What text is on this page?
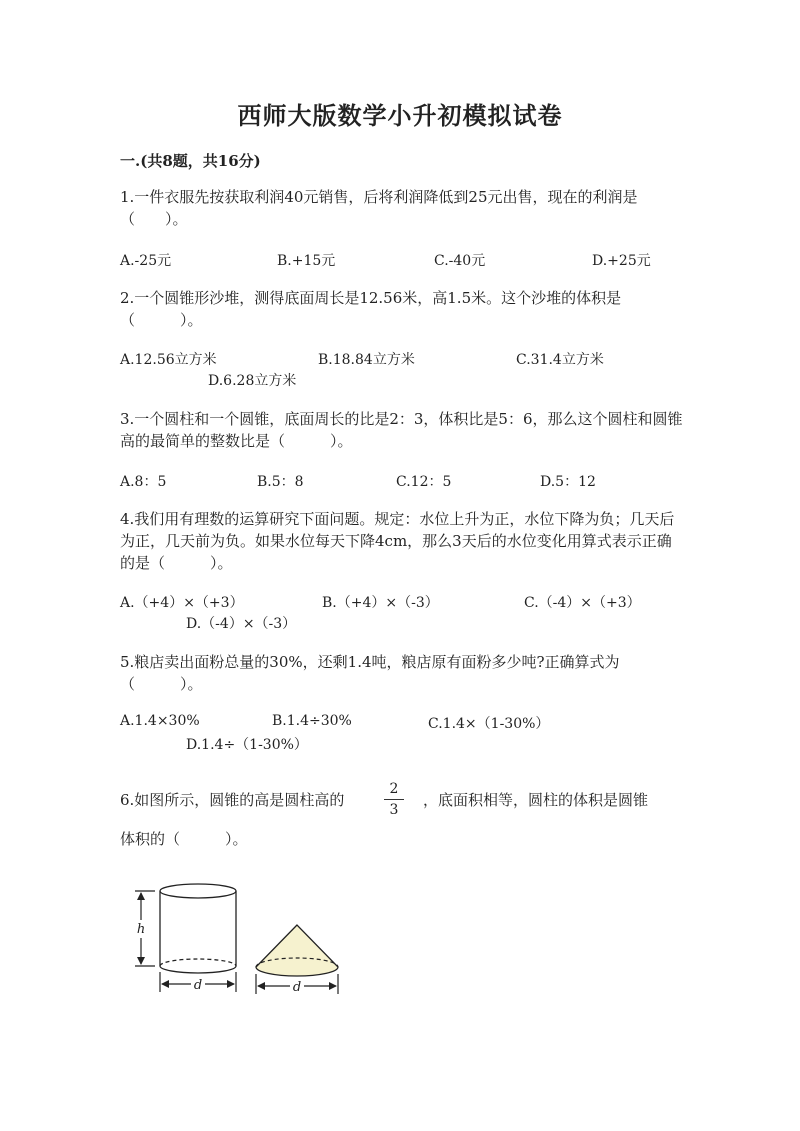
西师大版数学小升初模拟试卷
一.(共8题，共16分)
1.一件衣服先按获取利润40元销售，后将利润降低到25元出售，现在的利润是（　　）。
A.-25元	B.+15元	C.-40元	D.+25元
2.一个圆锥形沙堆，测得底面周长是12.56米，高1.5米。这个沙堆的体积是（　　　）。
A.12.56立方米	B.18.84立方米	C.31.4立方米
D.6.28立方米
3.一个圆柱和一个圆锥，底面周长的比是2：3，体积比是5：6，那么这个圆柱和圆锥高的最简单的整数比是（　　　）。
A.8：5	B.5：8	C.12：5	D.5：12
4.我们用有理数的运算研究下面问题。规定：水位上升为正，水位下降为负；几天后为正，几天前为负。如果水位每天下降4cm，那么3天后的水位变化用算式表示正确的是（　　　）。
A.（+4）×（+3）	B.（+4）×（-3）	C.（-4）×（+3）
D.（-4）×（-3）
5.粮店卖出面粉总量的30%，还剩1.4吨，粮店原有面粉多少吨?正确算式为（　　　）。
A.1.4×30%	B.1.4÷30%	C.1.4×（1-30%）
D.1.4÷（1-30%）
6.如图所示，圆锥的高是圆柱高的
2
3
，底面积相等，圆柱的体积是圆锥
体积的（　　　）。
h
d	d
